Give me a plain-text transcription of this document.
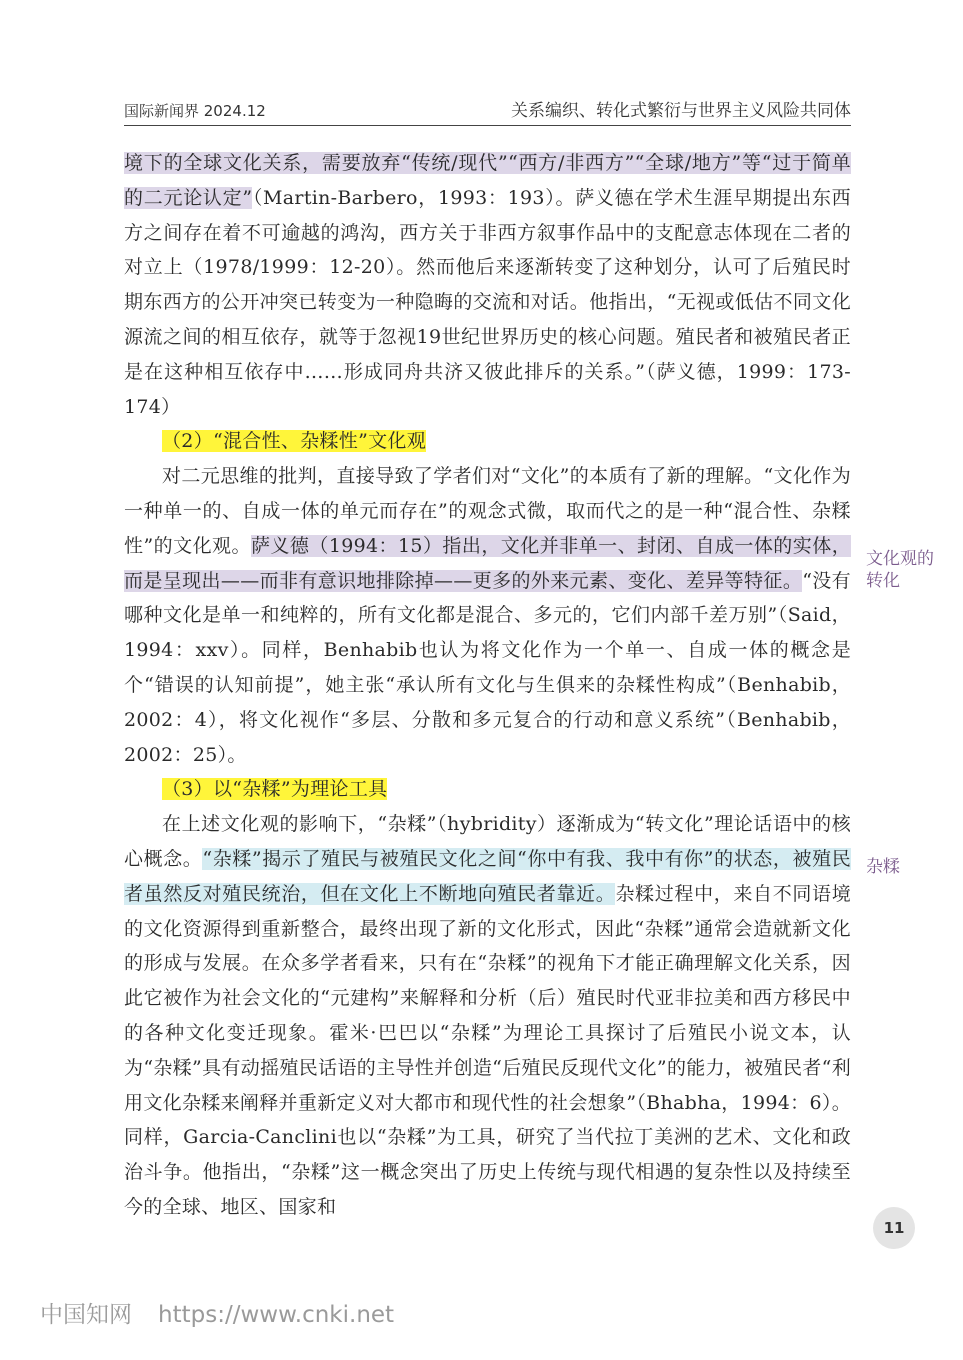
国际新闻界 2024.12	关系编织、转化式繁衍与世界主义风险共同体

境下的全球文化关系，需要放弃“传统/现代”“西方/非西方”“全球/地方”等“过于简单的二元论认定”（Martin-Barbero，1993：193）。萨义德在学术生涯早期提出东西方之间存在着不可逾越的鸿沟，西方关于非西方叙事作品中的支配意志体现在二者的对立上（1978/1999：12-20）。然而他后来逐渐转变了这种划分，认可了后殖民时期东西方的公开冲突已转变为一种隐晦的交流和对话。他指出，“无视或低估不同文化源流之间的相互依存，就等于忽视19世纪世界历史的核心问题。殖民者和被殖民者正是在这种相互依存中……形成同舟共济又彼此排斥的关系。”（萨义德，1999：173-174）

（2）“混合性、杂糅性”文化观

对二元思维的批判，直接导致了学者们对“文化”的本质有了新的理解。“文化作为一种单一的、自成一体的单元而存在”的观念式微，取而代之的是一种“混合性、杂糅性”的文化观。萨义德（1994：15）指出，文化并非单一、封闭、自成一体的实体，而是呈现出——而非有意识地排除掉——更多的外来元素、变化、差异等特征。“没有哪种文化是单一和纯粹的，所有文化都是混合、多元的，它们内部千差万别”（Said，1994：xxv）。同样，Benhabib也认为将文化作为一个单一、自成一体的概念是个“错误的认知前提”，她主张“承认所有文化与生俱来的杂糅性构成”（Benhabib，2002：4），将文化视作“多层、分散和多元复合的行动和意义系统”（Benhabib，2002：25）。

（3）以“杂糅”为理论工具

在上述文化观的影响下，“杂糅”（hybridity）逐渐成为“转文化”理论话语中的核心概念。“杂糅”揭示了殖民与被殖民文化之间“你中有我、我中有你”的状态，被殖民者虽然反对殖民统治，但在文化上不断地向殖民者靠近。杂糅过程中，来自不同语境的文化资源得到重新整合，最终出现了新的文化形式，因此“杂糅”通常会造就新文化的形成与发展。在众多学者看来，只有在“杂糅”的视角下才能正确理解文化关系，因此它被作为社会文化的“元建构”来解释和分析（后）殖民时代亚非拉美和西方移民中的各种文化变迁现象。霍米·巴巴以“杂糅”为理论工具探讨了后殖民小说文本，认为“杂糅”具有动摇殖民话语的主导性并创造“后殖民反现代文化”的能力，被殖民者“利用文化杂糅来阐释并重新定义对大都市和现代性的社会想象”（Bhabha，1994：6）。同样，Garcia-Canclini也以“杂糅”为工具，研究了当代拉丁美洲的艺术、文化和政治斗争。他指出，“杂糅”这一概念突出了历史上传统与现代相遇的复杂性以及持续至今的全球、地区、国家和

文化观的转化
杂糅
11
中国知网 https://www.cnki.net
